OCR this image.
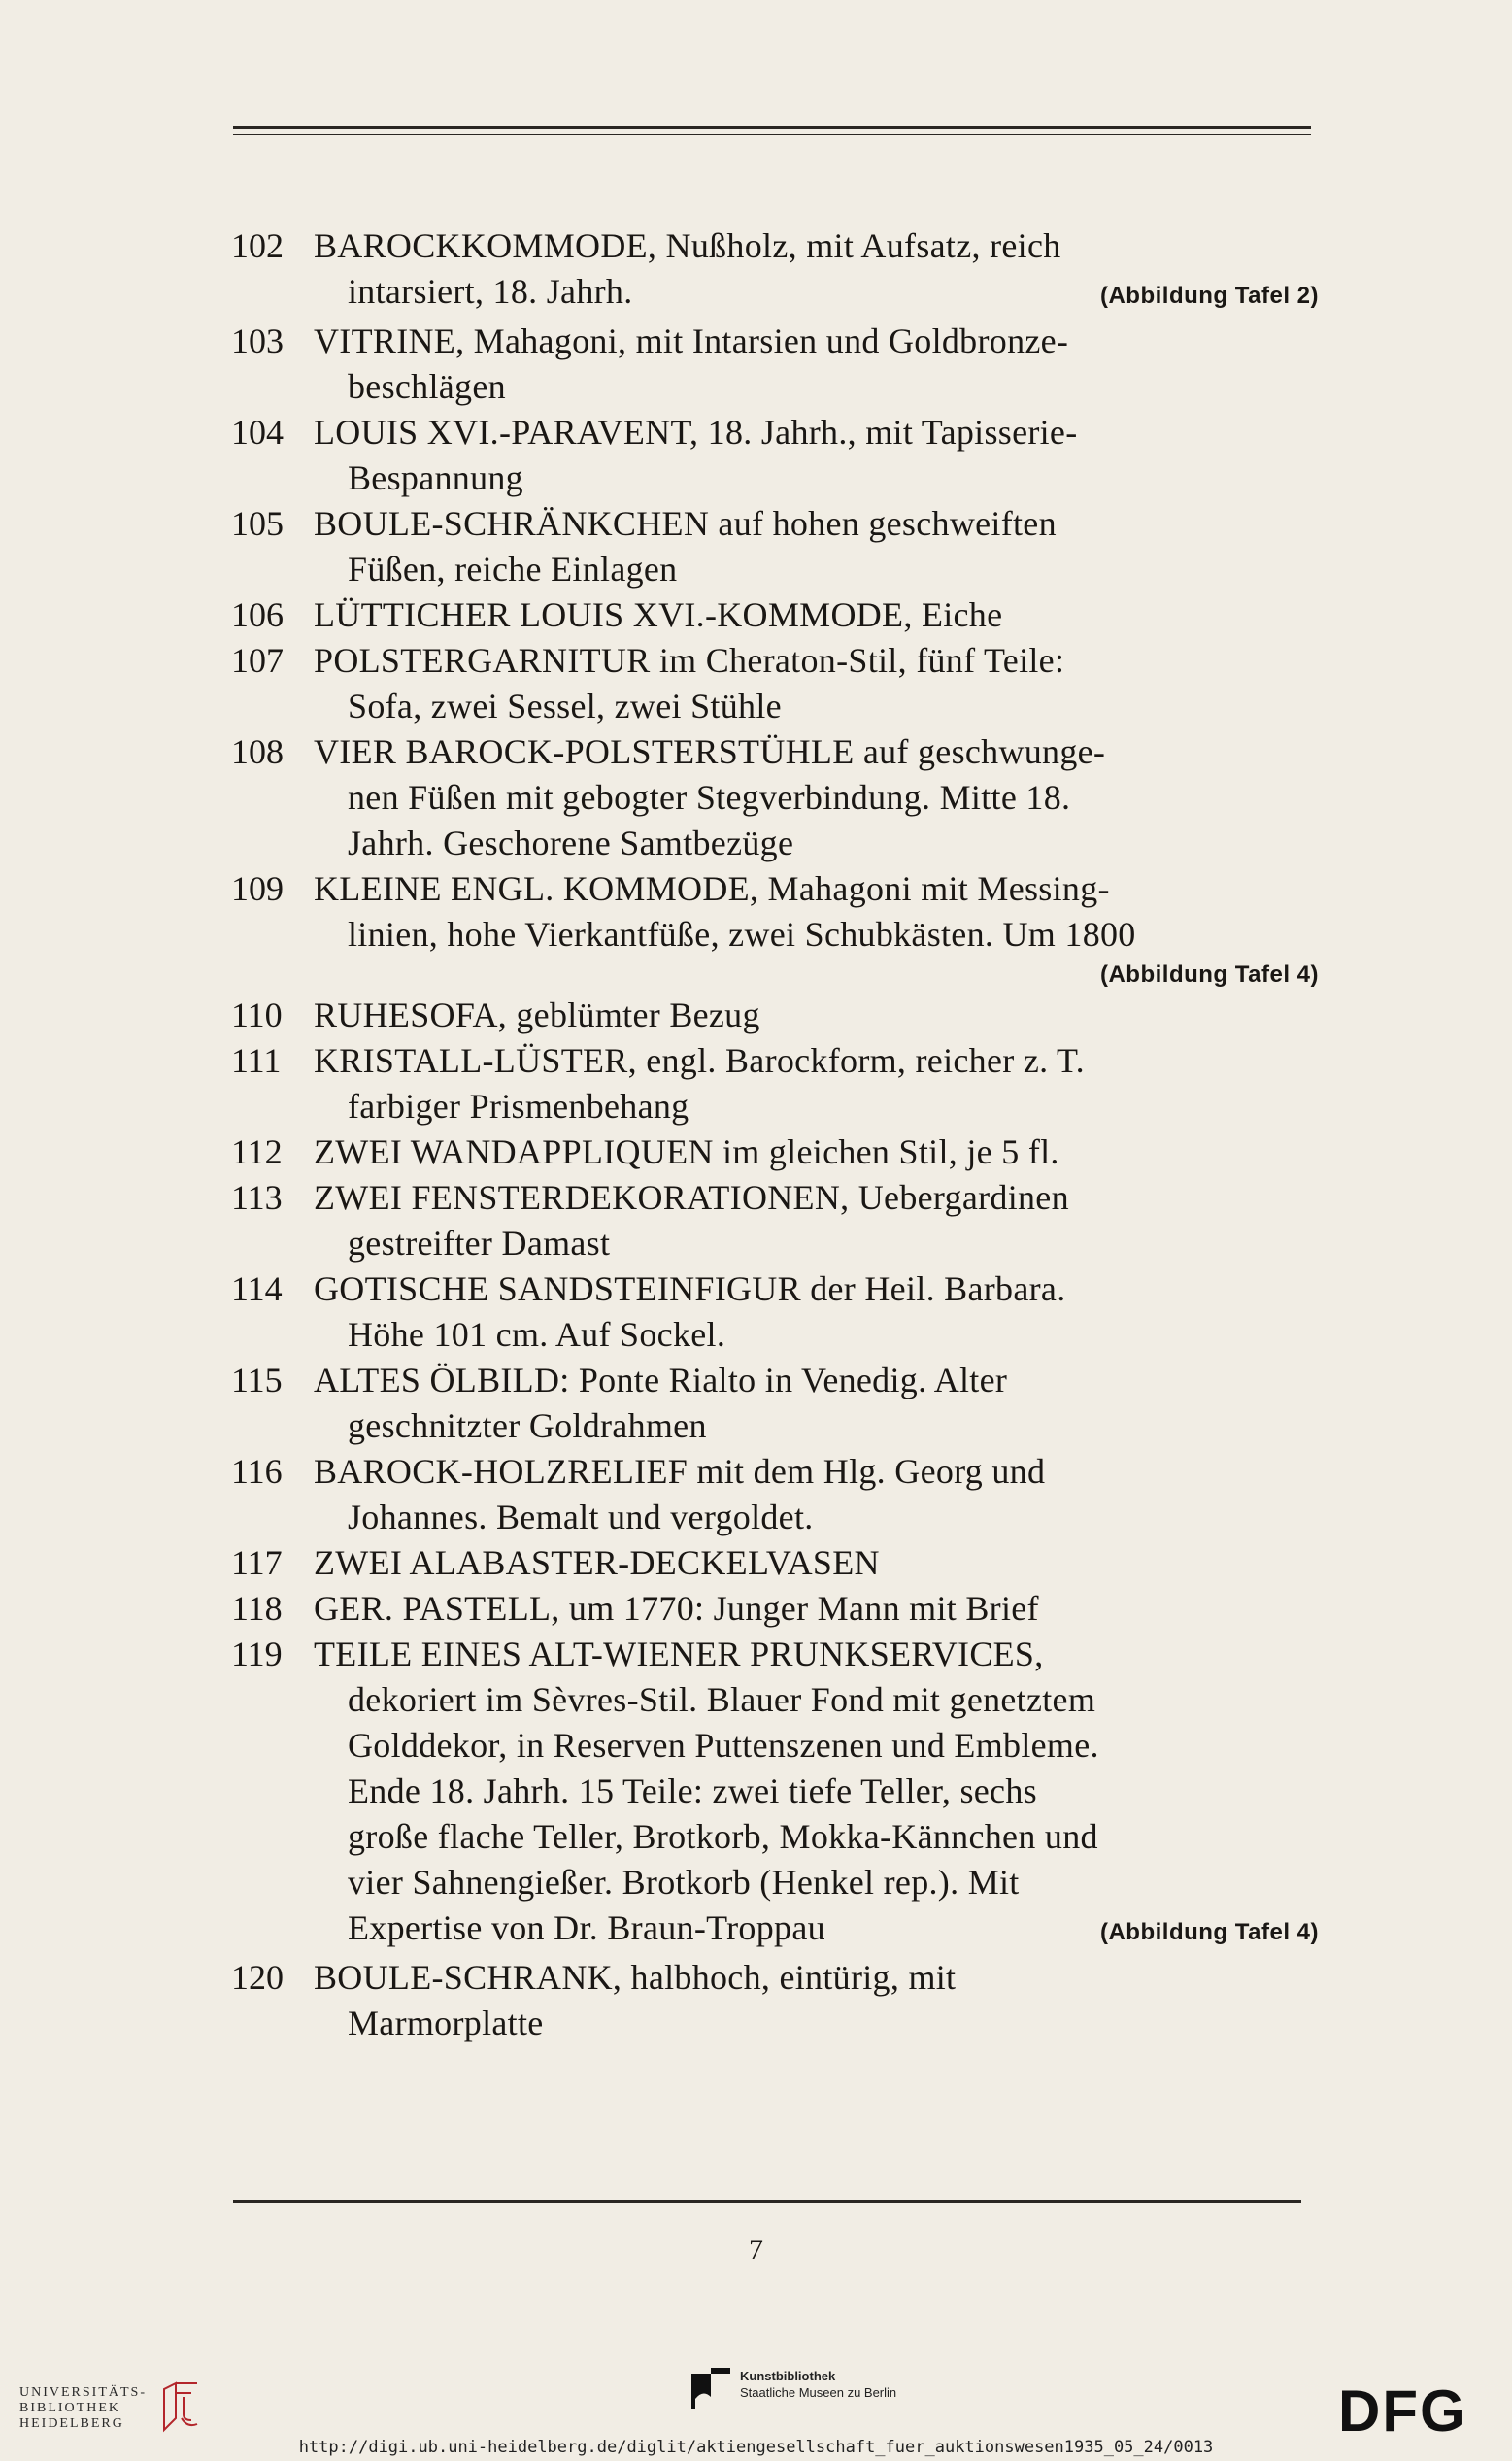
102 BAROCKKOMMODE, Nußholz, mit Aufsatz, reich
intarsiert, 18. Jahrh.	(Abbildung Tafel 2)
103 VITRINE, Mahagoni, mit Intarsien und Goldbronze-
beschlägen
104 LOUIS XVI.-PARAVENT, 18. Jahrh., mit Tapisserie-
Bespannung
105 BOULE-SCHRÄNKCHEN auf hohen geschweiften
Füßen, reiche Einlagen
106 LÜTTICHER LOUIS XVI.-KOMMODE, Eiche
107 POLSTERGARNITUR im Cheraton-Stil, fünf Teile:
Sofa, zwei Sessel, zwei Stühle
108 VIER BAROCK-POLSTERSTÜHLE auf geschwunge-
nen Füßen mit gebogter Stegverbindung. Mitte 18.
Jahrh. Geschorene Samtbezüge
109 KLEINE ENGL. KOMMODE, Mahagoni mit Messing-
linien, hohe Vierkantfüße, zwei Schubkästen. Um 1800
(Abbildung Tafel 4)
110 RUHESOFA, geblümter Bezug
111 KRISTALL-LÜSTER, engl. Barockform, reicher z. T.
farbiger Prismenbehang
112 ZWEI WANDAPPLIQUEN im gleichen Stil, je 5 fl.
113 ZWEI FENSTERDEKORATIONEN, Uebergardinen
gestreifter Damast
114 GOTISCHE SANDSTEINFIGUR der Heil. Barbara.
Höhe 101 cm. Auf Sockel.
115 ALTES ÖLBILD: Ponte Rialto in Venedig. Alter
geschnitzter Goldrahmen
116 BAROCK-HOLZRELIEF mit dem Hlg. Georg und
Johannes. Bemalt und vergoldet.
117 ZWEI ALABASTER-DECKELVASEN
118 GER. PASTELL, um 1770: Junger Mann mit Brief
119 TEILE EINES ALT-WIENER PRUNKSERVICES,
dekoriert im Sèvres-Stil. Blauer Fond mit genetztem
Golddekor, in Reserven Puttenszenen und Embleme.
Ende 18. Jahrh. 15 Teile: zwei tiefe Teller, sechs
große flache Teller, Brotkorb, Mokka-Kännchen und
vier Sahnengießer. Brotkorb (Henkel rep.). Mit
Expertise von Dr. Braun-Troppau	(Abbildung Tafel 4)
120 BOULE-SCHRANK, halbhoch, eintürig, mit
Marmorplatte
7
UNIVERSITÄTS-
BIBLIOTHEK
HEIDELBERG
Kunstbibliothek
Staatliche Museen zu Berlin	DFG
http://digi.ub.uni-heidelberg.de/diglit/aktiengesellschaft_fuer_auktionswesen1935_05_24/0013
